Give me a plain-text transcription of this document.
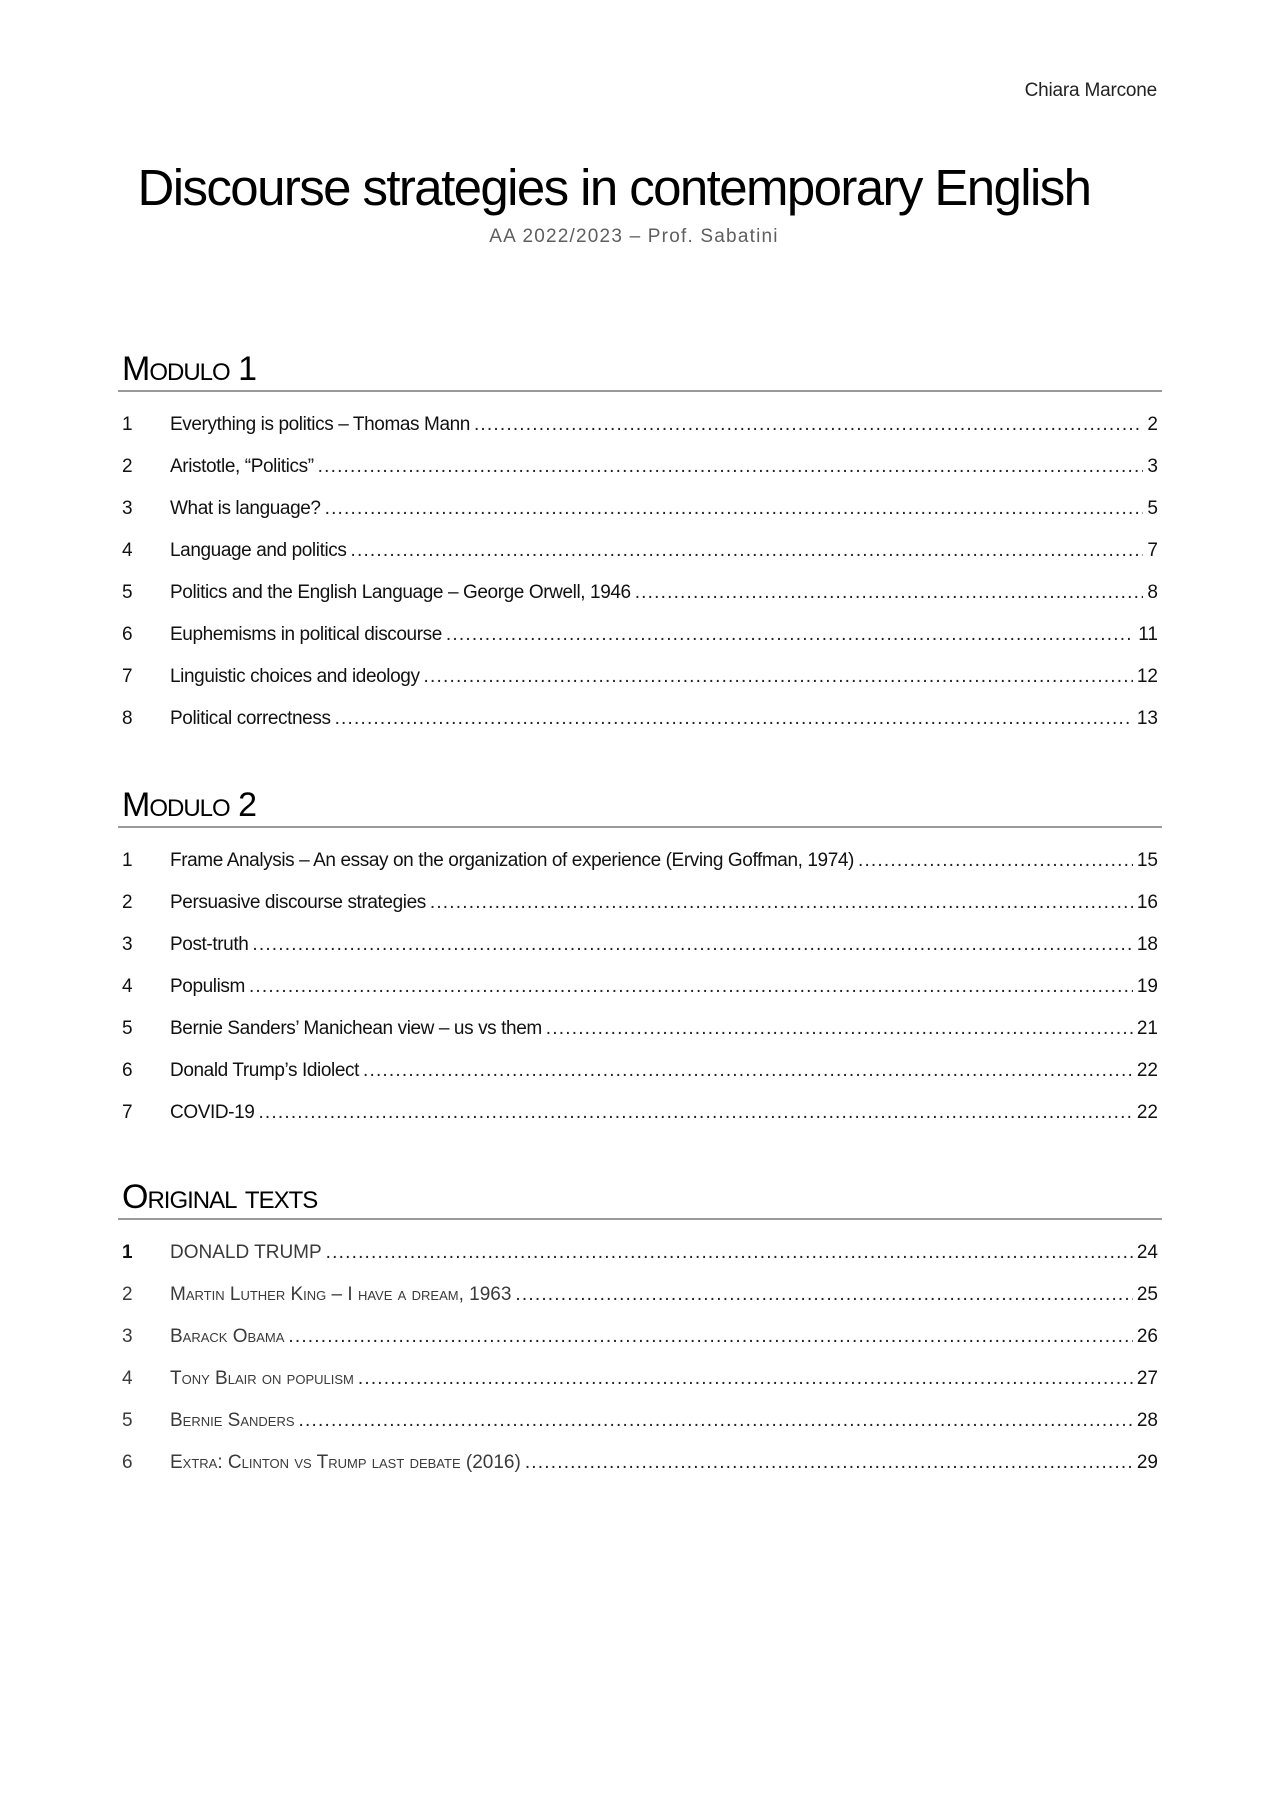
Chiara Marcone
Discourse strategies in contemporary English
AA 2022/2023 – Prof. Sabatini
Modulo 1
1	Everything is politics – Thomas Mann .....	2
2	Aristotle, “Politics” .....	3
3	What is language? .....	5
4	Language and politics .....	7
5	Politics and the English Language – George Orwell, 1946 .....	8
6	Euphemisms in political discourse .....	11
7	Linguistic choices and ideology .....	12
8	Political correctness .....	13
Modulo 2
1	Frame Analysis – An essay on the organization of experience (Erving Goffman, 1974) .....	15
2	Persuasive discourse strategies .....	16
3	Post-truth .....	18
4	Populism .....	19
5	Bernie Sanders’ Manichean view – us vs them .....	21
6	Donald Trump’s Idiolect .....	22
7	COVID-19 .....	22
Original texts
1	DONALD TRUMP .....	24
2	Martin Luther King – I have a dream, 1963 .....	25
3	Barack Obama .....	26
4	Tony Blair on populism .....	27
5	Bernie Sanders .....	28
6	Extra: Clinton vs Trump last debate (2016) .....	29
